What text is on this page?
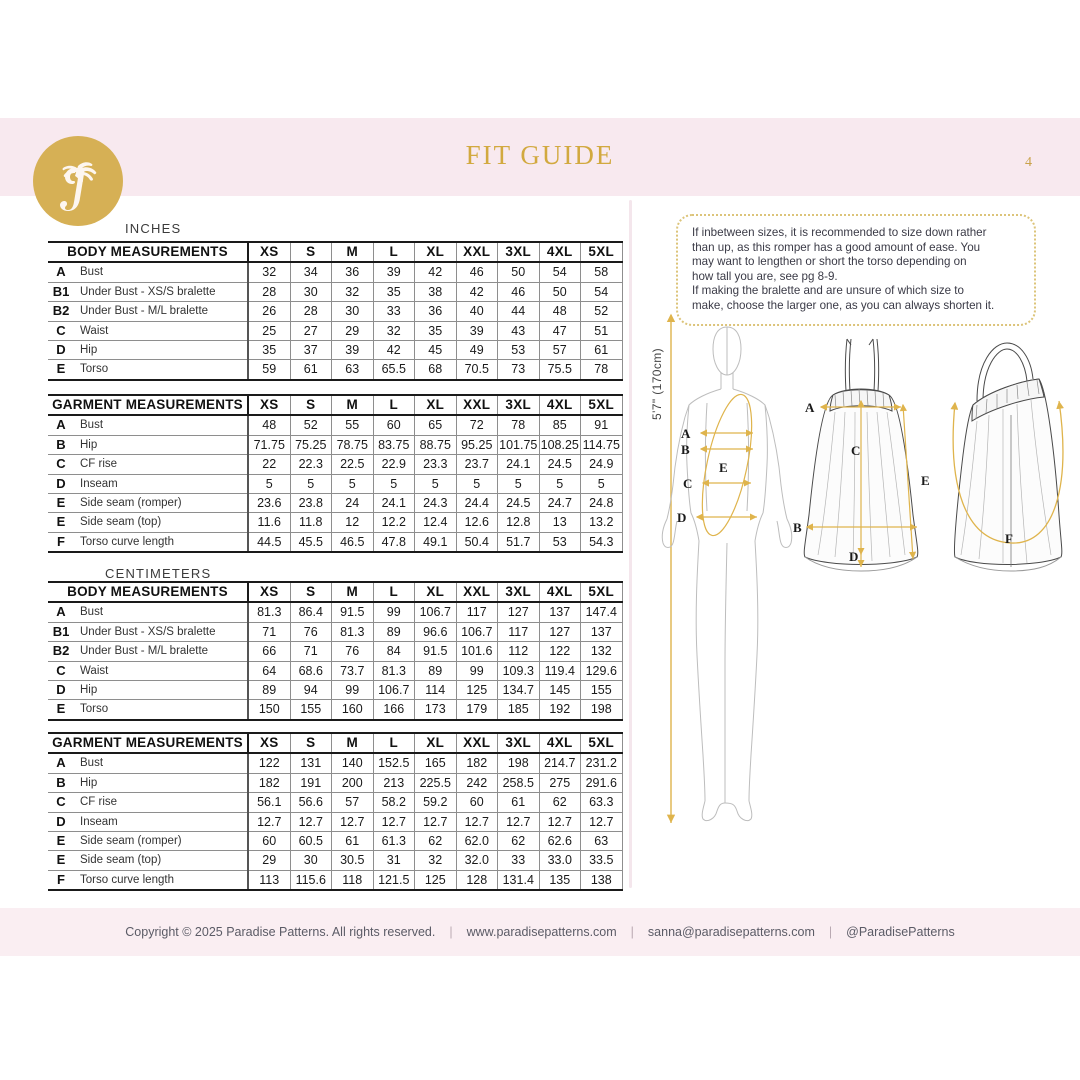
FIT GUIDE	4
INCHES
BODY MEASUREMENTS		XS	S	M	L	XL	XXL	3XL	4XL	5XL
A	Bust	32	34	36	39	42	46	50	54	58
B1	Under Bust - XS/S bralette	28	30	32	35	38	42	46	50	54
B2	Under Bust - M/L bralette	26	28	30	33	36	40	44	48	52
C	Waist	25	27	29	32	35	39	43	47	51
D	Hip	35	37	39	42	45	49	53	57	61
E	Torso	59	61	63	65.5	68	70.5	73	75.5	78
GARMENT MEASUREMENTS		XS	S	M	L	XL	XXL	3XL	4XL	5XL
A	Bust	48	52	55	60	65	72	78	85	91
B	Hip	71.75	75.25	78.75	83.75	88.75	95.25	101.75	108.25	114.75
C	CF rise	22	22.3	22.5	22.9	23.3	23.7	24.1	24.5	24.9
D	Inseam	5	5	5	5	5	5	5	5	5
E	Side seam (romper)	23.6	23.8	24	24.1	24.3	24.4	24.5	24.7	24.8
E	Side seam (top)	11.6	11.8	12	12.2	12.4	12.6	12.8	13	13.2
F	Torso curve length	44.5	45.5	46.5	47.8	49.1	50.4	51.7	53	54.3
CENTIMETERS
BODY MEASUREMENTS		XS	S	M	L	XL	XXL	3XL	4XL	5XL
A	Bust	81.3	86.4	91.5	99	106.7	117	127	137	147.4
B1	Under Bust - XS/S bralette	71	76	81.3	89	96.6	106.7	117	127	137
B2	Under Bust - M/L bralette	66	71	76	84	91.5	101.6	112	122	132
C	Waist	64	68.6	73.7	81.3	89	99	109.3	119.4	129.6
D	Hip	89	94	99	106.7	114	125	134.7	145	155
E	Torso	150	155	160	166	173	179	185	192	198
GARMENT MEASUREMENTS		XS	S	M	L	XL	XXL	3XL	4XL	5XL
A	Bust	122	131	140	152.5	165	182	198	214.7	231.2
B	Hip	182	191	200	213	225.5	242	258.5	275	291.6
C	CF rise	56.1	56.6	57	58.2	59.2	60	61	62	63.3
D	Inseam	12.7	12.7	12.7	12.7	12.7	12.7	12.7	12.7	12.7
E	Side seam (romper)	60	60.5	61	61.3	62	62.0	62	62.6	63
E	Side seam (top)	29	30	30.5	31	32	32.0	33	33.0	33.5
F	Torso curve length	113	115.6	118	121.5	125	128	131.4	135	138

If inbetween sizes, it is recommended to size down rather

than up, as this romper has a good amount of ease. You

may want to lengthen or short the torso depending on

how tall you are, see pg 8-9.

If making the bralette and are unsure of which size to

make, choose the larger one, as you can always shorten it.

5'7" (170cm)
A
B
E
C
D
A
C
B
D
E
F
Copyright © 2025 Paradise Patterns. All rights reserved. | www.paradisepatterns.com | sanna@paradisepatterns.com | @ParadisePatterns
